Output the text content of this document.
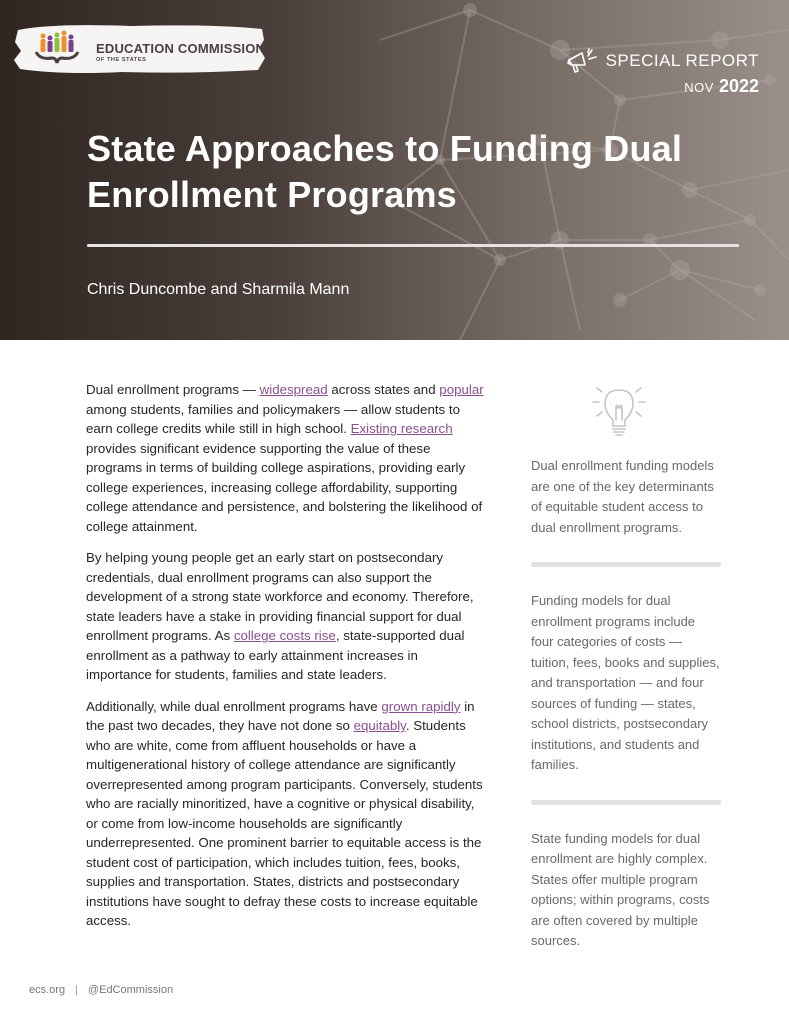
EDUCATION COMMISSION
OF THE STATES	SPECIAL REPORT
NOV 2022
State Approaches to Funding Dual Enrollment Programs
Chris Duncombe and Sharmila Mann

Dual enrollment programs — widespread across states and popular among students, families and policymakers — allow students to earn college credits while still in high school. Existing research provides significant evidence supporting the value of these programs in terms of building college aspirations, providing early college experiences, increasing college affordability, supporting college attendance and persistence, and bolstering the likelihood of college attainment.

By helping young people get an early start on postsecondary credentials, dual enrollment programs can also support the development of a strong state workforce and economy. Therefore, state leaders have a stake in providing financial support for dual enrollment programs. As college costs rise, state-supported dual enrollment as a pathway to early attainment increases in importance for students, families and state leaders.

Additionally, while dual enrollment programs have grown rapidly in the past two decades, they have not done so equitably. Students who are white, come from affluent households or have a multigenerational history of college attendance are significantly overrepresented among program participants. Conversely, students who are racially minoritized, have a cognitive or physical disability, or come from low-income households are significantly underrepresented. One prominent barrier to equitable access is the student cost of participation, which includes tuition, fees, books, supplies and transportation. States, districts and postsecondary institutions have sought to defray these costs to increase equitable access.

Dual enrollment funding models are one of the key determinants of equitable student access to dual enrollment programs.
Funding models for dual enrollment programs include four categories of costs — tuition, fees, books and supplies, and transportation — and four sources of funding — states, school districts, postsecondary institutions, and students and families.
State funding models for dual enrollment are highly complex. States offer multiple program options; within programs, costs are often covered by multiple sources.
ecs.org | @EdCommission
